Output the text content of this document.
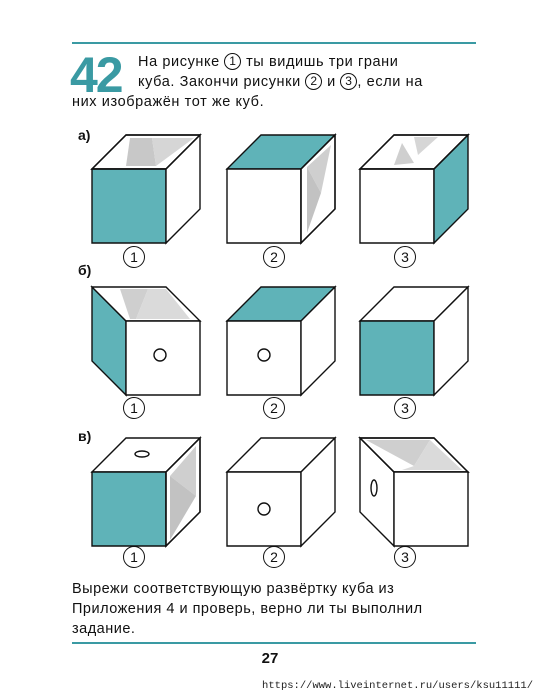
42 На рисунке 1 ты видишь три грани
куба. Закончи рисунки 2 и 3 , если на
них изображён тот же куб.
а)
1	2	3
б)
1	2	3
в)
1	2	3
Вырежи соответствующую развёртку куба из Приложения 4 и проверь, верно ли ты выполнил задание.
27
https://www.liveinternet.ru/users/ksu11111/
